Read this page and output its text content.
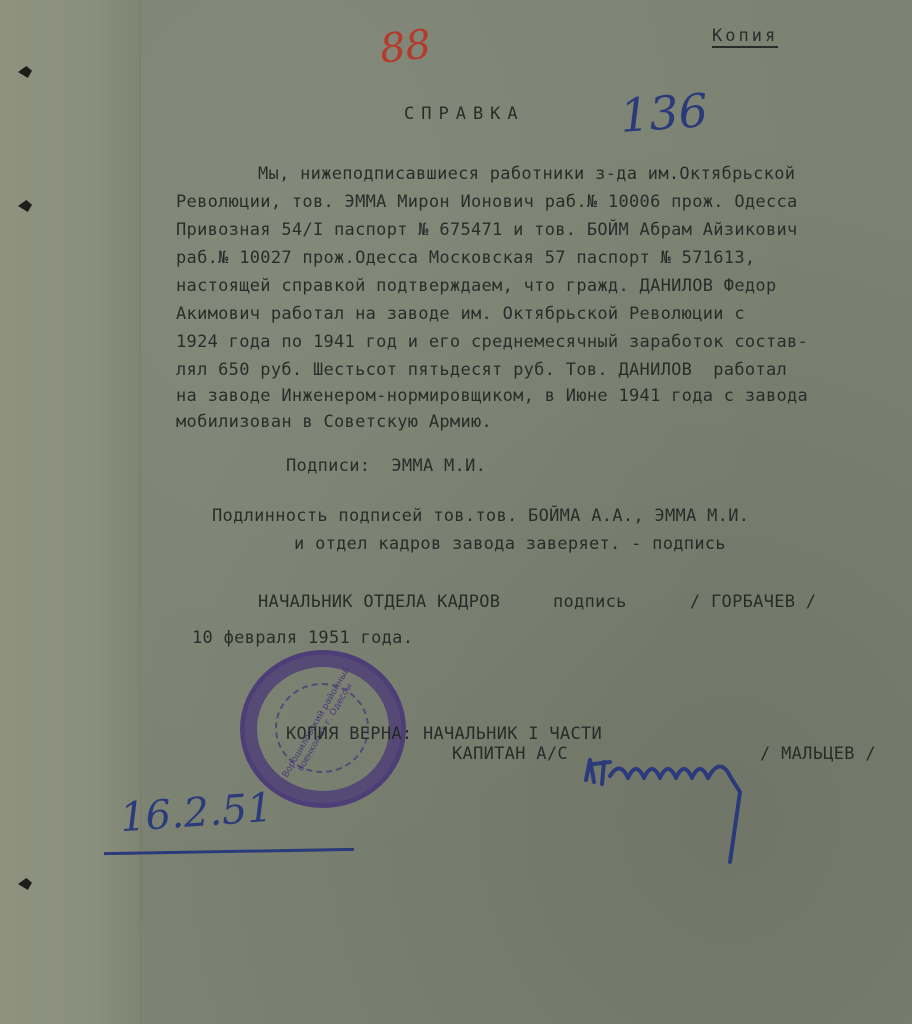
88	Копия
136
СПРАВКА
Мы, нижеподписавшиеся работники з-да им.Октябрьской
Революции, тов. ЭММА Мирон Ионович раб.№ 10006 прож. Одесса
Привозная 54/I паспорт № 675471 и тов. БОЙМ Абрам Айзикович
раб.№ 10027 прож.Одесса Московская 57 паспорт № 571613,
настоящей справкой подтверждаем, что гражд. ДАНИЛОВ Федор
Акимович работал на заводе им. Октябрьской Революции с
1924 года по 1941 год и его среднемесячный заработок состав-
лял 650 руб. Шестьсот пятьдесят руб. Тов. ДАНИЛОВ  работал
на заводе Инженером-нормировщиком, в Июне 1941 года с завода
мобилизован в Советскую Армию.
Подписи:  ЭММА М.И.
Подлинность подписей тов.тов. БОЙМА А.А., ЭММА М.И.
и отдел кадров завода заверяет. - подпись
НАЧАЛЬНИК ОТДЕЛА КАДРОВ     подпись      / ГОРБАЧЕВ /
10 февраля 1951 года.
Ворошиловский районный военкомат г. Одессы
КОПИЯ ВЕРНА: НАЧАЛЬНИК I ЧАСТИ
КАПИТАН А/С	/ МАЛЬЦЕВ /
16.2.51
